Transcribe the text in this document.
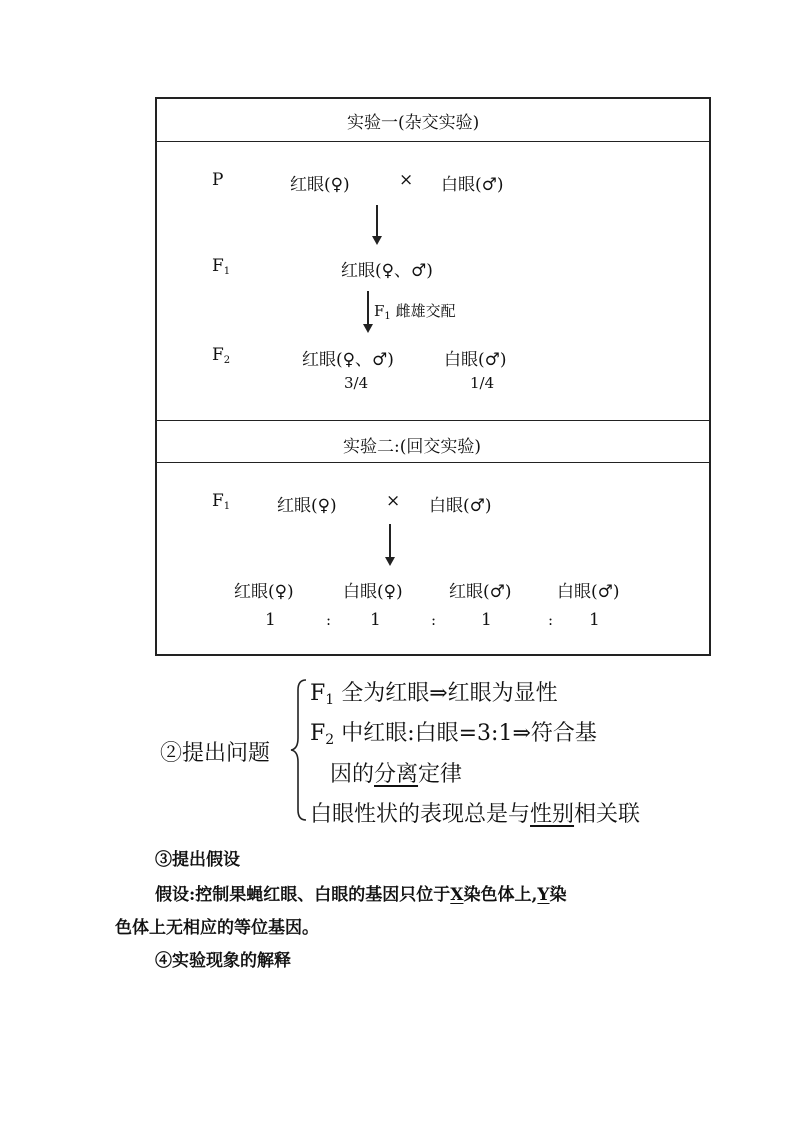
实验一(杂交实验)
P	红眼(♀)	× 白眼(♂)
$F_1$	红眼(♀、♂)
$F_1$ 雌雄交配
$F_2$	红眼(♀、♂)	白眼(♂)
3/4	1/4
实验二:(回交实验)
$F_1$	红眼(♀)	× 白眼(♂)
红眼(♀)	白眼(♀)	红眼(♂)	白眼(♂)
1	: 1	:	1	: 1
②提出问题
F1 全为红眼⇒红眼为显性
F2 中红眼:白眼=3:1⇒符合基
因的分离定律
白眼性状的表现总是与性别相关联
③提出假设
假设:控制果蝇红眼、白眼的基因只位于X染色体上,Y染
色体上无相应的等位基因。
④实验现象的解释
